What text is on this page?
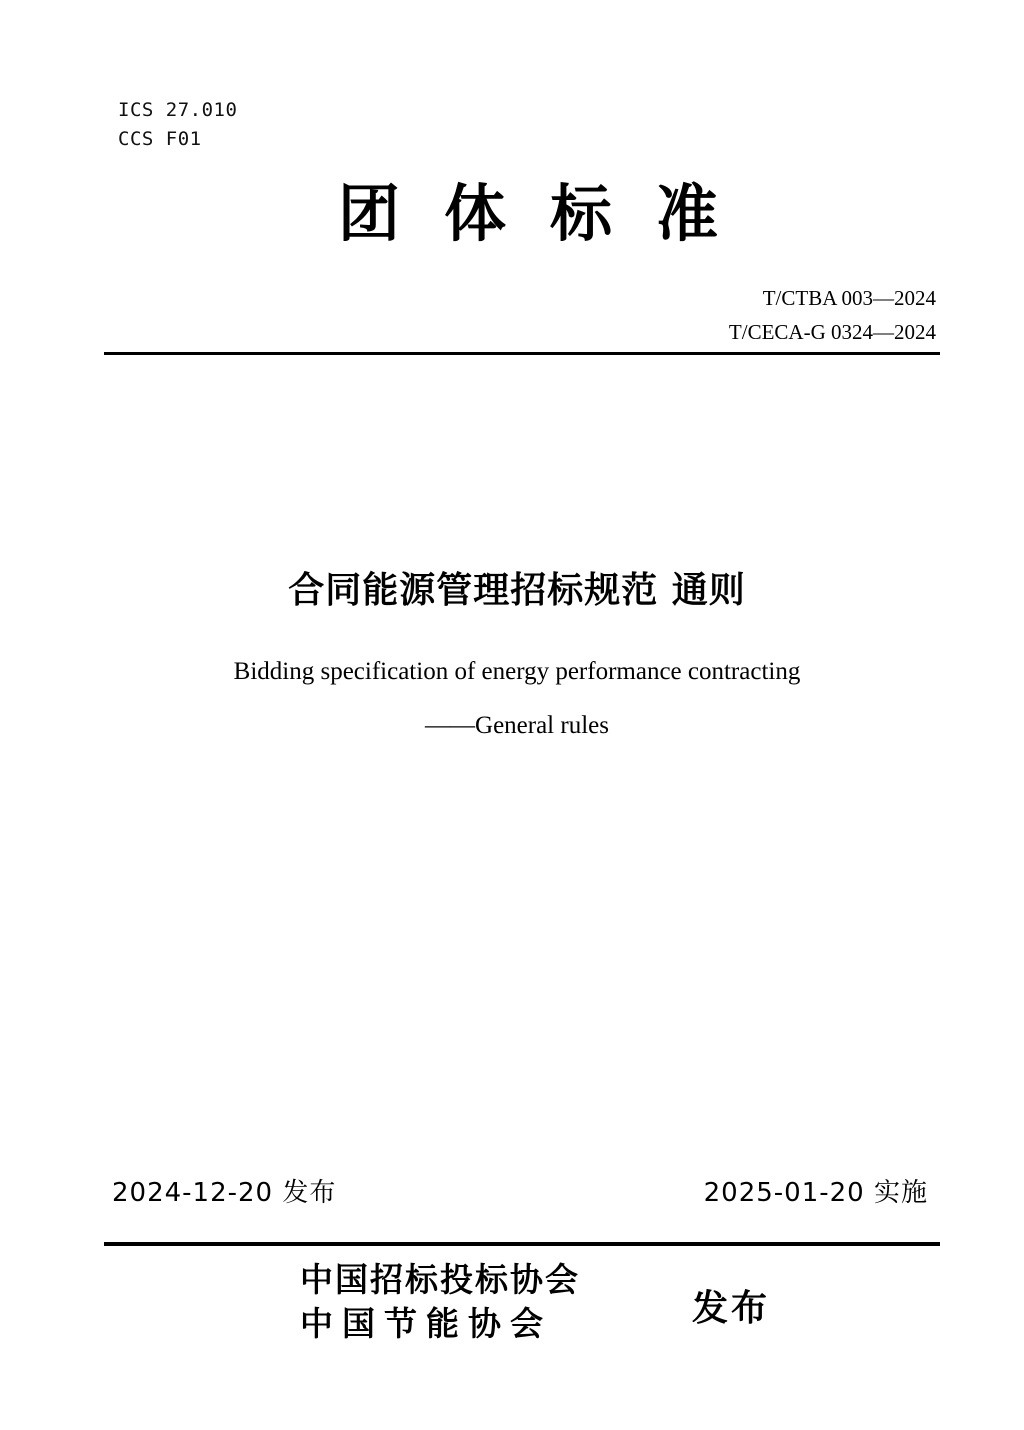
ICS 27.010
CCS F01
团体标准
T/CTBA 003—2024
T/CECA-G 0324—2024
合同能源管理招标规范 通则
Bidding specification of energy performance contracting
——General rules
2024-12-20 发布	2025-01-20 实施
中国招标投标协会
中国节能协会	发布
